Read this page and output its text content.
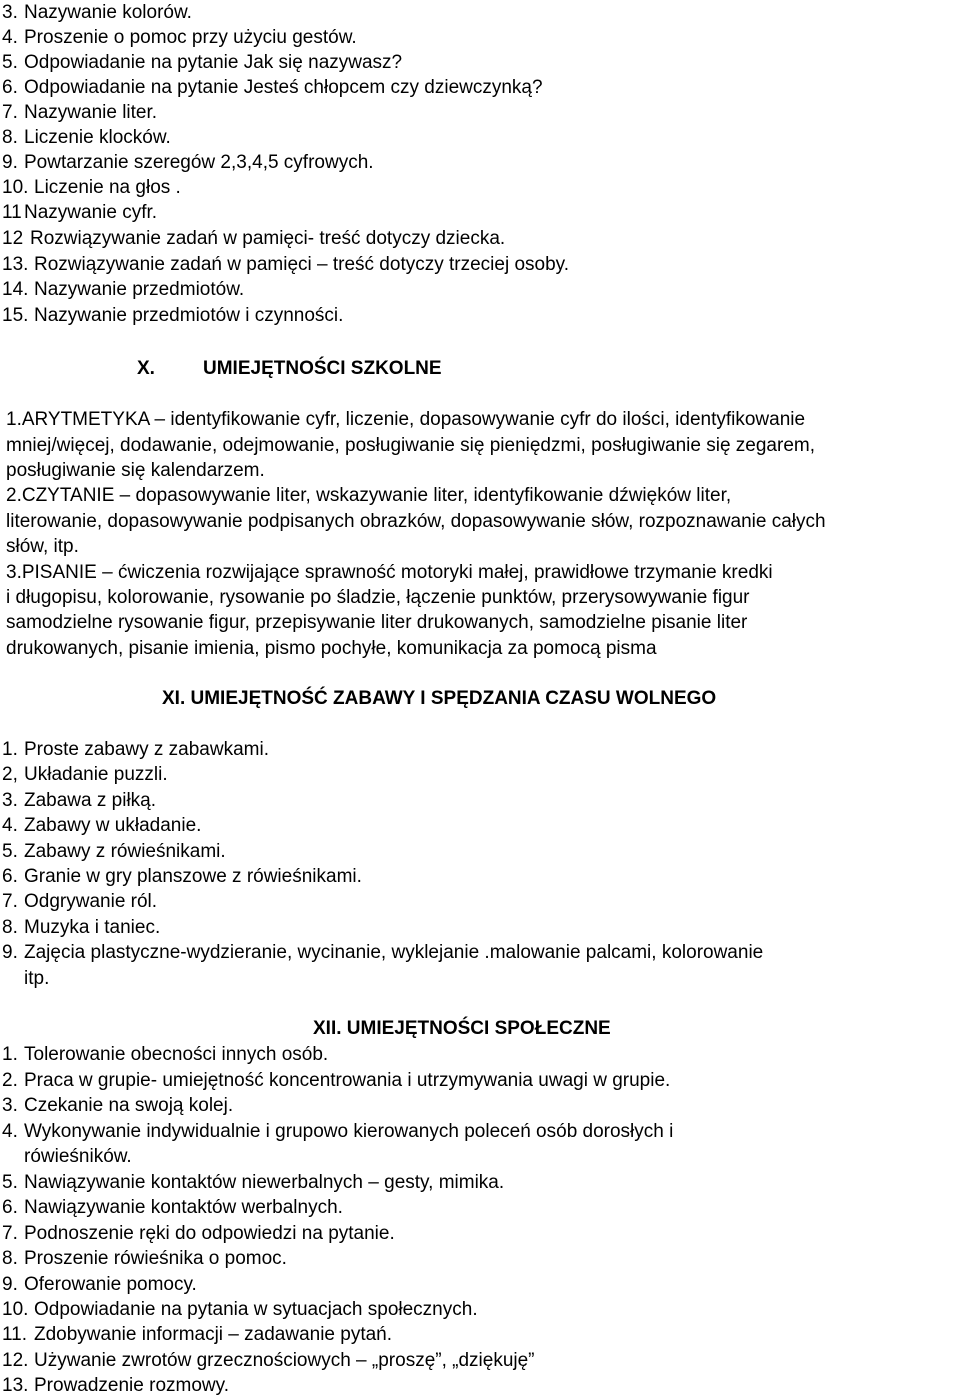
3. Nazywanie kolorów.
4. Proszenie o pomoc przy użyciu gestów.
5. Odpowiadanie na pytanie Jak się nazywasz?
6. Odpowiadanie na pytanie Jesteś chłopcem czy dziewczynką?
7. Nazywanie liter.
8. Liczenie klocków.
9. Powtarzanie szeregów 2,3,4,5 cyfrowych.
10. Liczenie na głos .
11 Nazywanie cyfr.
12 Rozwiązywanie zadań w pamięci- treść dotyczy dziecka.
13. Rozwiązywanie zadań w pamięci – treść dotyczy trzeciej osoby.
14. Nazywanie przedmiotów.
15. Nazywanie przedmiotów i czynności.
X.	UMIEJĘTNOŚCI SZKOLNE
1.ARYTMETYKA – identyfikowanie cyfr, liczenie, dopasowywanie cyfr do ilości, identyfikowanie
mniej/więcej, dodawanie, odejmowanie, posługiwanie się pieniędzmi, posługiwanie się zegarem,
posługiwanie się kalendarzem.
2.CZYTANIE – dopasowywanie liter, wskazywanie liter, identyfikowanie dźwięków liter,
literowanie, dopasowywanie podpisanych obrazków, dopasowywanie słów, rozpoznawanie całych
słów, itp.
3.PISANIE – ćwiczenia rozwijające sprawność motoryki małej, prawidłowe trzymanie kredki
i długopisu, kolorowanie, rysowanie po śladzie, łączenie punktów, przerysowywanie figur
samodzielne rysowanie figur, przepisywanie liter drukowanych, samodzielne pisanie liter
drukowanych, pisanie imienia, pismo pochyłe, komunikacja za pomocą pisma
XI. UMIEJĘTNOŚĆ ZABAWY I SPĘDZANIA CZASU WOLNEGO
1. Proste zabawy z zabawkami.
2, Układanie puzzli.
3. Zabawa z piłką.
4. Zabawy w układanie.
5. Zabawy z rówieśnikami.
6. Granie w gry planszowe z rówieśnikami.
7. Odgrywanie ról.
8. Muzyka i taniec.
9. Zajęcia plastyczne-wydzieranie, wycinanie, wyklejanie .malowanie palcami, kolorowanie
itp.
XII. UMIEJĘTNOŚCI SPOŁECZNE
1. Tolerowanie obecności innych osób.
2. Praca w grupie- umiejętność koncentrowania i utrzymywania uwagi w grupie.
3. Czekanie na swoją kolej.
4. Wykonywanie indywidualnie i grupowo kierowanych poleceń osób dorosłych i
rówieśników.
5. Nawiązywanie kontaktów niewerbalnych – gesty, mimika.
6. Nawiązywanie kontaktów werbalnych.
7. Podnoszenie ręki do odpowiedzi na pytanie.
8. Proszenie rówieśnika o pomoc.
9. Oferowanie pomocy.
10. Odpowiadanie na pytania w sytuacjach społecznych.
11. Zdobywanie informacji – zadawanie pytań.
12. Używanie zwrotów grzecznościowych – „proszę”, „dziękuję”
13. Prowadzenie rozmowy.
